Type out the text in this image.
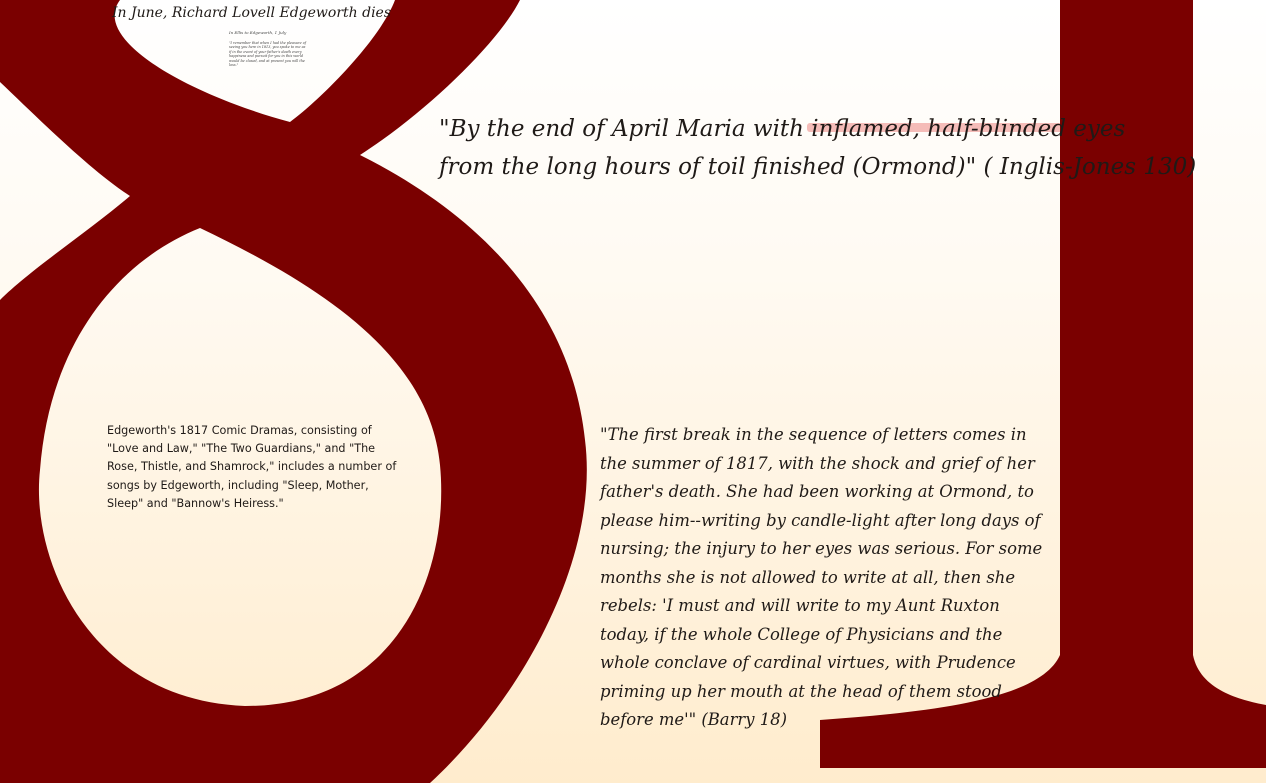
In June, Richard Lovell Edgeworth dies

In Ellis to Edgeworth, 1 July
"I remember that when I had the pleasure of seeing you here in 1813, you spoke to me as if in the event of your father's death every happiness and pursuit for you in this world would be closed, and at present you will the loss."
"By the end of April Maria with inflamed, half-blinded eyes
from the long hours of toil finished (Ormond)" ( Inglis-Jones 130)

Edgeworth's 1817 Comic Dramas, consisting of "Love and Law," "The Two Guardians," and "The Rose, Thistle, and Shamrock," includes a number of songs by Edgeworth, including "Sleep, Mother, Sleep" and "Bannow's Heiress."

"The first break in the sequence of letters comes in the summer of 1817, with the shock and grief of her father's death. She had been working at Ormond, to please him--writing by candle-light after long days of nursing; the injury to her eyes was serious. For some months she is not allowed to write at all, then she rebels: 'I must and will write to my Aunt Ruxton today, if the whole College of Physicians and the whole conclave of cardinal virtues, with Prudence priming up her mouth at the head of them stood before me'" (Barry 18)
